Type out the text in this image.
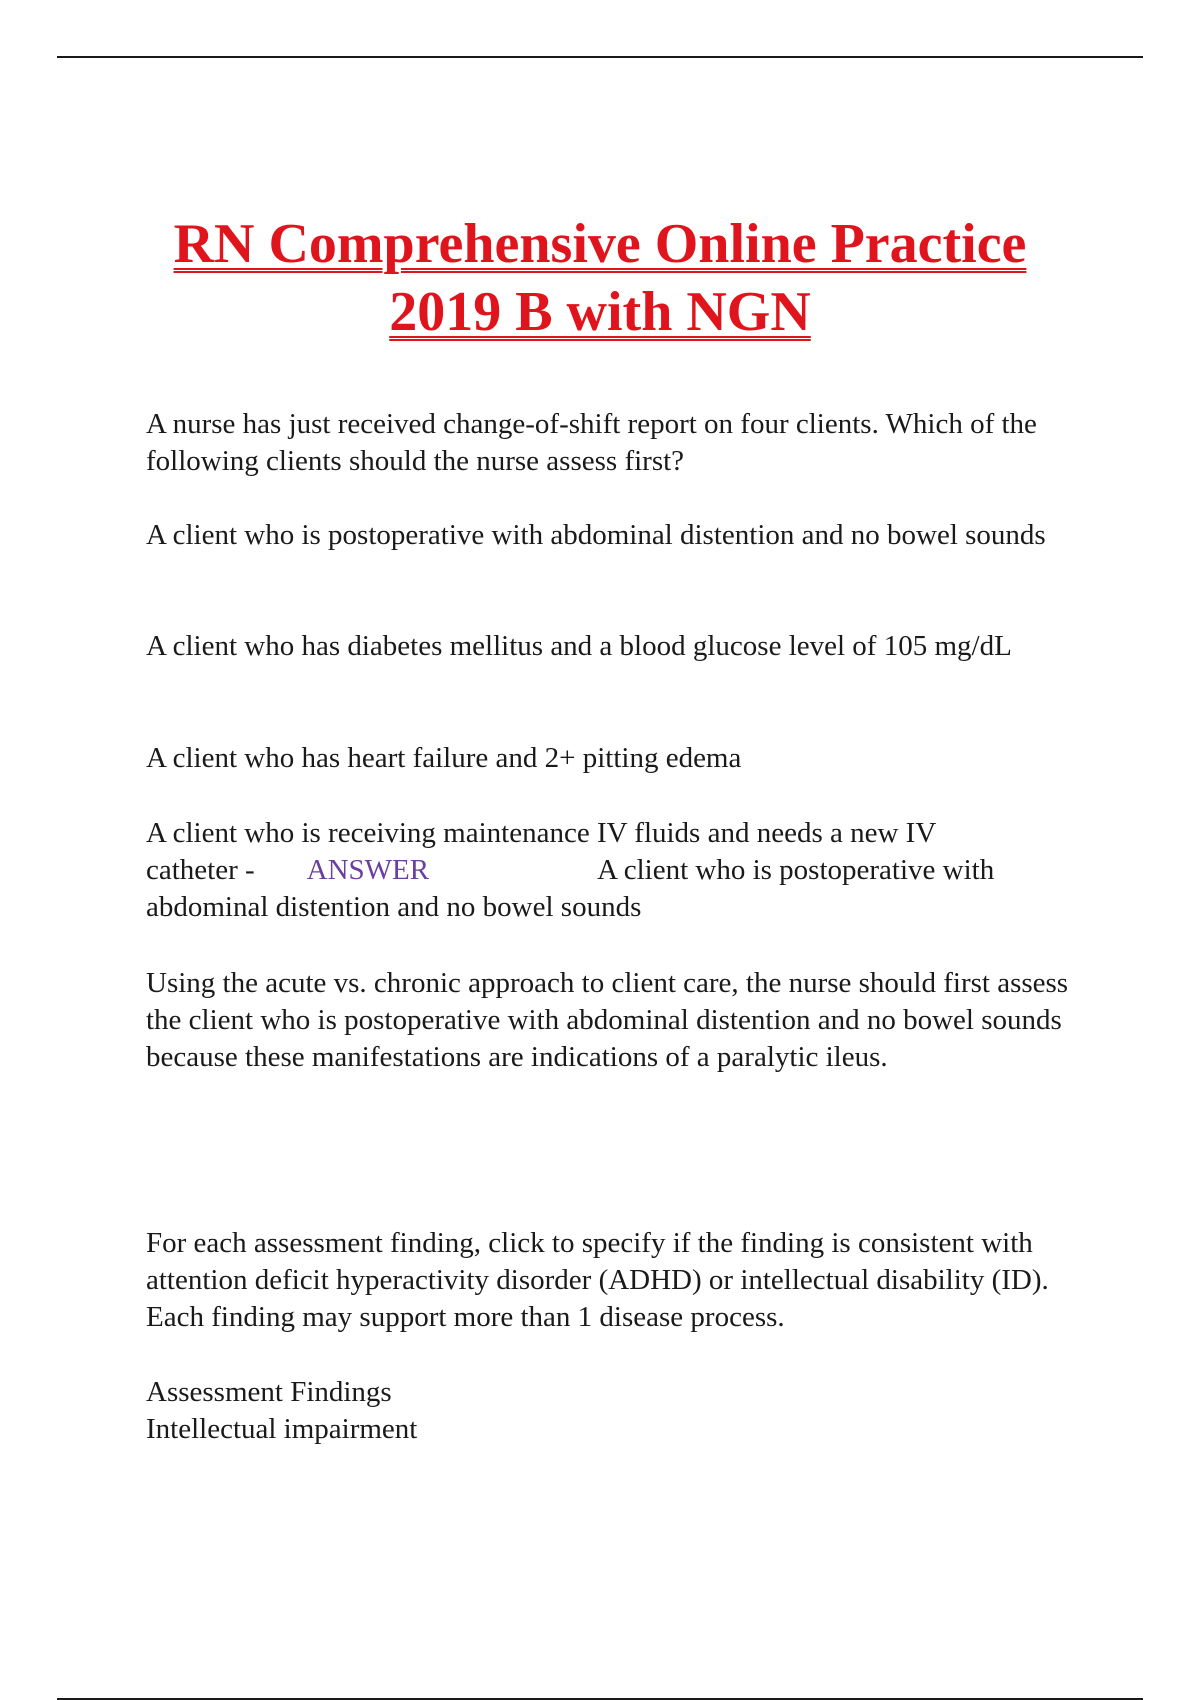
RN Comprehensive Online Practice
2019 B with NGN
A nurse has just received change-of-shift report on four clients. Which of the following clients should the nurse assess first?
A client who is postoperative with abdominal distention and no bowel sounds
A client who has diabetes mellitus and a blood glucose level of 105 mg/dL
A client who has heart failure and 2+ pitting edema
A client who is receiving maintenance IV fluids and needs a new IV
catheter - ANSWER	A client who is postoperative with
abdominal distention and no bowel sounds
Using the acute vs. chronic approach to client care, the nurse should first assess the client who is postoperative with abdominal distention and no bowel sounds because these manifestations are indications of a paralytic ileus.
For each assessment finding, click to specify if the finding is consistent with attention deficit hyperactivity disorder (ADHD) or intellectual disability (ID). Each finding may support more than 1 disease process.
Assessment Findings
Intellectual impairment
